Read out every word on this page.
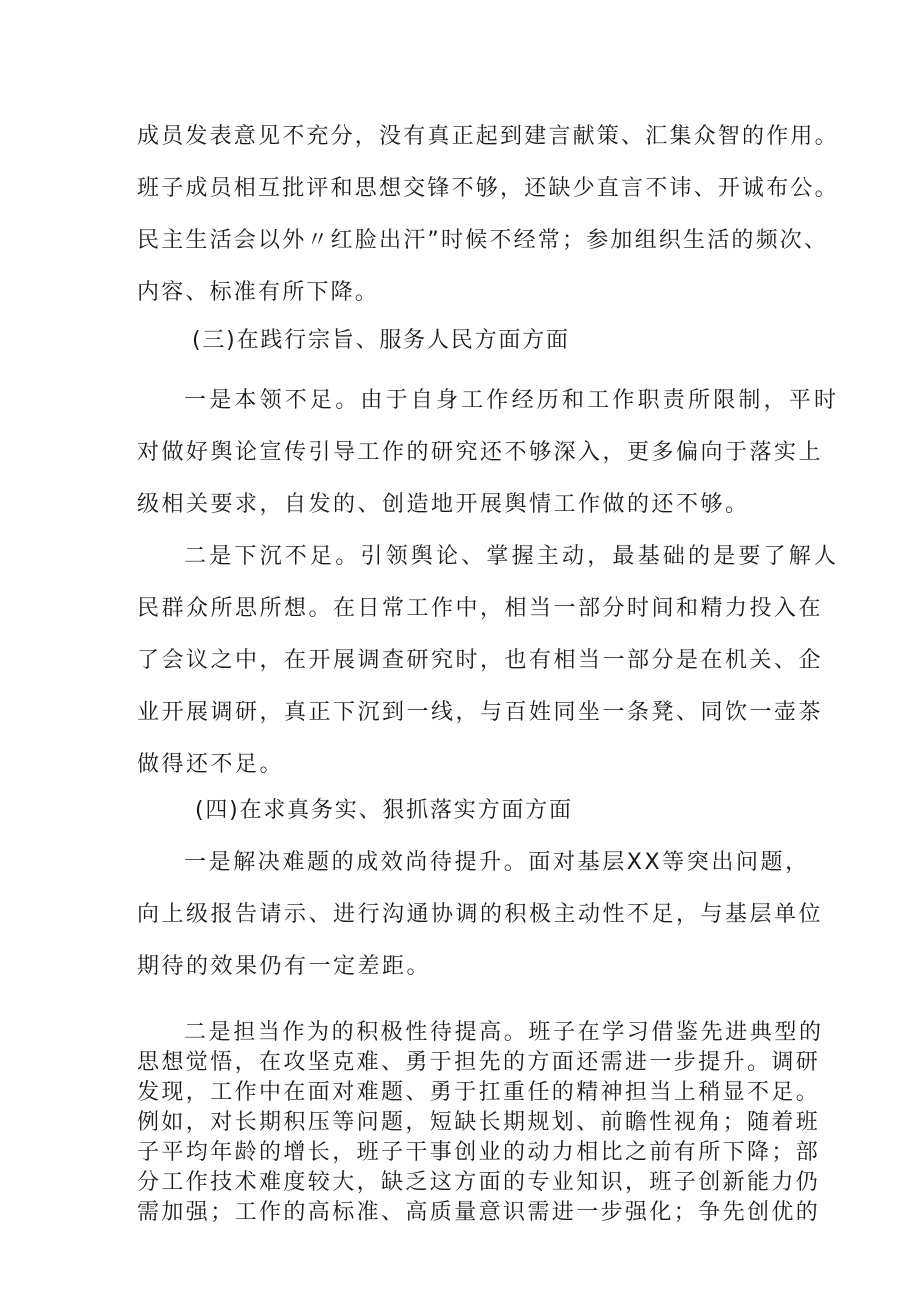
成员发表意见不充分，没有真正起到建言献策、汇集众智的作用。
班子成员相互批评和思想交锋不够，还缺少直言不讳、开诚布公。
民主生活会以外〃红脸出汗”时候不经常；参加组织生活的频次、
内容、标准有所下降。
(三)在践行宗旨、服务人民方面方面
一是本领不足。由于自身工作经历和工作职责所限制，平时
对做好舆论宣传引导工作的研究还不够深入，更多偏向于落实上
级相关要求，自发的、创造地开展舆情工作做的还不够。
二是下沉不足。引领舆论、掌握主动，最基础的是要了解人
民群众所思所想。在日常工作中，相当一部分时间和精力投入在
了会议之中，在开展调查研究时，也有相当一部分是在机关、企
业开展调研，真正下沉到一线，与百姓同坐一条凳、同饮一壶茶
做得还不足。
(四)在求真务实、狠抓落实方面方面
一是解决难题的成效尚待提升。面对基层XX等突出问题，
向上级报告请示、进行沟通协调的积极主动性不足，与基层单位
期待的效果仍有一定差距。
二是担当作为的积极性待提高。班子在学习借鉴先进典型的
思想觉悟，在攻坚克难、勇于担先的方面还需进一步提升。调研
发现，工作中在面对难题、勇于扛重任的精神担当上稍显不足。
例如，对长期积压等问题，短缺长期规划、前瞻性视角；随着班
子平均年龄的增长，班子干事创业的动力相比之前有所下降；部
分工作技术难度较大，缺乏这方面的专业知识，班子创新能力仍
需加强；工作的高标准、高质量意识需进一步强化；争先创优的
